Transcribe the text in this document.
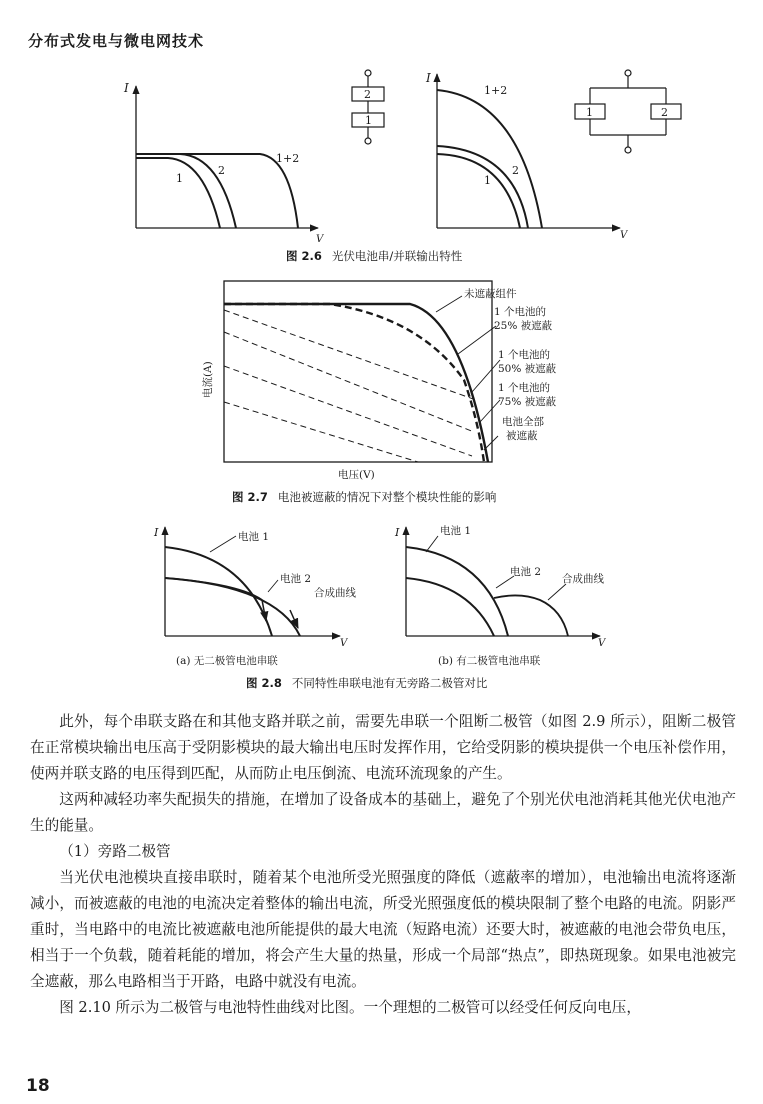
分布式发电与微电网技术
I
V
1
2
1+2
2
1
I
V
1
2
1+2
1	2
电流(A)
电压(V)
未遮蔽组件
1 个电池的
25% 被遮蔽
1 个电池的
50% 被遮蔽
1 个电池的
75% 被遮蔽
电池全部
被遮蔽
I
V
电池 1
电池 2
合成曲线
(a) 无二极管电池串联
I
V
电池 1
电池 2
合成曲线
(b) 有二极管电池串联
图 2.6 光伏电池串/并联输出特性
图 2.7 电池被遮蔽的情况下对整个模块性能的影响
图 2.8 不同特性串联电池有无旁路二极管对比

此外，每个串联支路在和其他支路并联之前，需要先串联一个阻断二极管（如图 2.9 所示），阻断二极管在正常模块输出电压高于受阴影模块的最大输出电压时发挥作用，它给受阴影的模块提供一个电压补偿作用，使两并联支路的电压得到匹配，从而防止电压倒流、电流环流现象的产生。

这两种减轻功率失配损失的措施，在增加了设备成本的基础上，避免了个别光伏电池消耗其他光伏电池产生的能量。

（1）旁路二极管

当光伏电池模块直接串联时，随着某个电池所受光照强度的降低（遮蔽率的增加），电池输出电流将逐渐减小，而被遮蔽的电池的电流决定着整体的输出电流，所受光照强度低的模块限制了整个电路的电流。阴影严重时，当电路中的电流比被遮蔽电池所能提供的最大电流（短路电流）还要大时，被遮蔽的电池会带负电压，相当于一个负载，随着耗能的增加，将会产生大量的热量，形成一个局部“热点”，即热斑现象。如果电池被完全遮蔽，那么电路相当于开路，电路中就没有电流。

图 2.10 所示为二极管与电池特性曲线对比图。一个理想的二极管可以经受任何反向电压，

18
